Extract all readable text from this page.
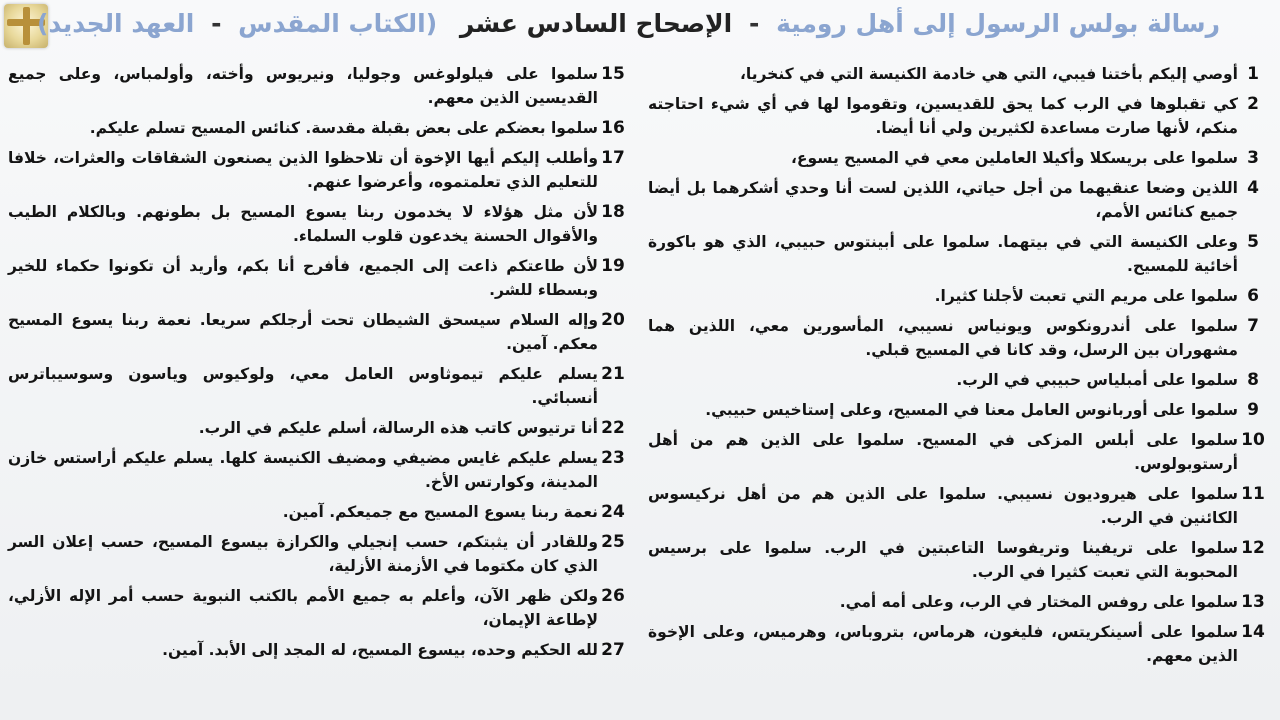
رسالة بولس الرسول إلى أهل رومية - الإصحاح السادس عشر (الكتاب المقدس - العهد الجديد)
1
أوصي إليكم بأختنا فيبي، التي هي خادمة الكنيسة التي في كنخريا،
2
كي تقبلوها في الرب كما يحق للقديسين، وتقوموا لها في أي شيء احتاجته منكم، لأنها صارت مساعدة لكثيرين ولي أنا أيضا.
3
سلموا على بريسكلا وأكيلا العاملين معي في المسيح يسوع،
4
اللذين وضعا عنقيهما من أجل حياتي، اللذين لست أنا وحدي أشكرهما بل أيضا جميع كنائس الأمم،
5
وعلى الكنيسة التي في بيتهما. سلموا على أبينتوس حبيبي، الذي هو باكورة أخائية للمسيح.
6
سلموا على مريم التي تعبت لأجلنا كثيرا.
7
سلموا على أندرونكوس ويونياس نسيبي، المأسورين معي، اللذين هما مشهوران بين الرسل، وقد كانا في المسيح قبلي.
8
سلموا على أمبلياس حبيبي في الرب.
9
سلموا على أوربانوس العامل معنا في المسيح، وعلى إستاخيس حبيبي.
10
سلموا على أبلس المزكى في المسيح. سلموا على الذين هم من أهل أرستوبولوس.
11
سلموا على هيروديون نسيبي. سلموا على الذين هم من أهل نركيسوس الكائنين في الرب.
12
سلموا على تريفينا وتريفوسا التاعبتين في الرب. سلموا على برسيس المحبوبة التي تعبت كثيرا في الرب.
13
سلموا على روفس المختار في الرب، وعلى أمه أمي.
14
سلموا على أسينكريتس، فليغون، هرماس، بتروباس، وهرميس، وعلى الإخوة الذين معهم.
15
سلموا على فيلولوغس وجوليا، ونيريوس وأخته، وأولمباس، وعلى جميع القديسين الذين معهم.
16
سلموا بعضكم على بعض بقبلة مقدسة. كنائس المسيح تسلم عليكم.
17
وأطلب إليكم أيها الإخوة أن تلاحظوا الذين يصنعون الشقاقات والعثرات، خلافا للتعليم الذي تعلمتموه، وأعرضوا عنهم.
18
لأن مثل هؤلاء لا يخدمون ربنا يسوع المسيح بل بطونهم. وبالكلام الطيب والأقوال الحسنة يخدعون قلوب السلماء.
19
لأن طاعتكم ذاعت إلى الجميع، فأفرح أنا بكم، وأريد أن تكونوا حكماء للخير وبسطاء للشر.
20
وإله السلام سيسحق الشيطان تحت أرجلكم سريعا. نعمة ربنا يسوع المسيح معكم. آمين.
21
يسلم عليكم تيموثاوس العامل معي، ولوكيوس وياسون وسوسيباترس أنسبائي.
22
أنا ترتيوس كاتب هذه الرسالة، أسلم عليكم في الرب.
23
يسلم عليكم غايس مضيفي ومضيف الكنيسة كلها. يسلم عليكم أراستس خازن المدينة، وكوارتس الأخ.
24
نعمة ربنا يسوع المسيح مع جميعكم. آمين.
25
وللقادر أن يثبتكم، حسب إنجيلي والكرازة بيسوع المسيح، حسب إعلان السر الذي كان مكتوما في الأزمنة الأزلية،
26
ولكن ظهر الآن، وأعلم به جميع الأمم بالكتب النبوية حسب أمر الإله الأزلي، لإطاعة الإيمان،
27
لله الحكيم وحده، بيسوع المسيح، له المجد إلى الأبد. آمين.
